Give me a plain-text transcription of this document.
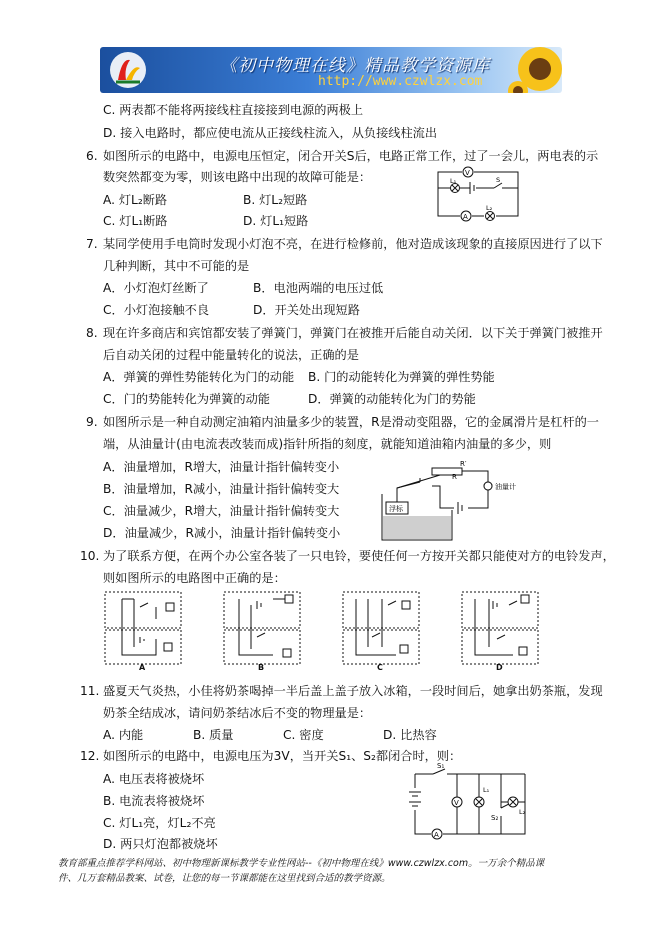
《初中物理在线》精品教学资源库
http://www.czwlzx.com
C. 两表都不能将两接线柱直接接到电源的两极上
D. 接入电路时，都应使电流从正接线柱流入，从负接线柱流出
6. 如图所示的电路中，电源电压恒定，闭合开关S后，电路正常工作，过了一会儿，两电表的示
数突然都变为零，则该电路中出现的故障可能是：
A. 灯L₂断路	B. 灯L₂短路
C. 灯L₁断路	D. 灯L₁短路
V
A
L₁
L₂
S
7. 某同学使用手电筒时发现小灯泡不亮，在进行检修前，他对造成该现象的直接原因进行了以下
几种判断，其中不可能的是
A．小灯泡灯丝断了	B．电池两端的电压过低
C．小灯泡接触不良	D．开关处出现短路
8. 现在许多商店和宾馆都安装了弹簧门，弹簧门在被推开后能自动关闭．以下关于弹簧门被推开
后自动关闭的过程中能量转化的说法，正确的是
A．弹簧的弹性势能转化为门的动能 B. 门的动能转化为弹簧的弹性势能
C．门的势能转化为弹簧的动能	D．弹簧的动能转化为门的势能
9. 如图所示是一种自动测定油箱内油量多少的装置，R是滑动变阻器，它的金属滑片是杠杆的一
端，从油量计(由电流表改装而成)指针所指的刻度，就能知道油箱内油量的多少，则
A．油量增加，R增大，油量计指针偏转变小
B．油量增加，R减小，油量计指针偏转变大
C．油量减少，R增大，油量计指针偏转变大
D．油量减少，R减小，油量计指针偏转变小
浮标
R
R′
油量计
10. 为了联系方便，在两个办公室各装了一只电铃，要使任何一方按开关都只能使对方的电铃发声，
则如图所示的电路图中正确的是：
A	B	C	D
11. 盛夏天气炎热，小佳将奶茶喝掉一半后盖上盖子放入冰箱，一段时间后，她拿出奶茶瓶，发现
奶茶全结成冰，请问奶茶结冰后不变的物理量是：
A. 内能	B. 质量	C. 密度	D. 比热容
12. 如图所示的电路中，电源电压为3V，当开关S₁、S₂都闭合时，则：
A. 电压表将被烧坏
B. 电流表将被烧坏
C. 灯L₁亮，灯L₂不亮
D. 两只灯泡都被烧坏
S₁
S₂
V
A
L₁
L₂
教育部重点推荐学科网站、初中物理新课标教学专业性网站--《初中物理在线》www.czwlzx.com。一万余个精品课
件、几万套精品教案、试卷，让您的每一节课都能在这里找到合适的教学资源。
